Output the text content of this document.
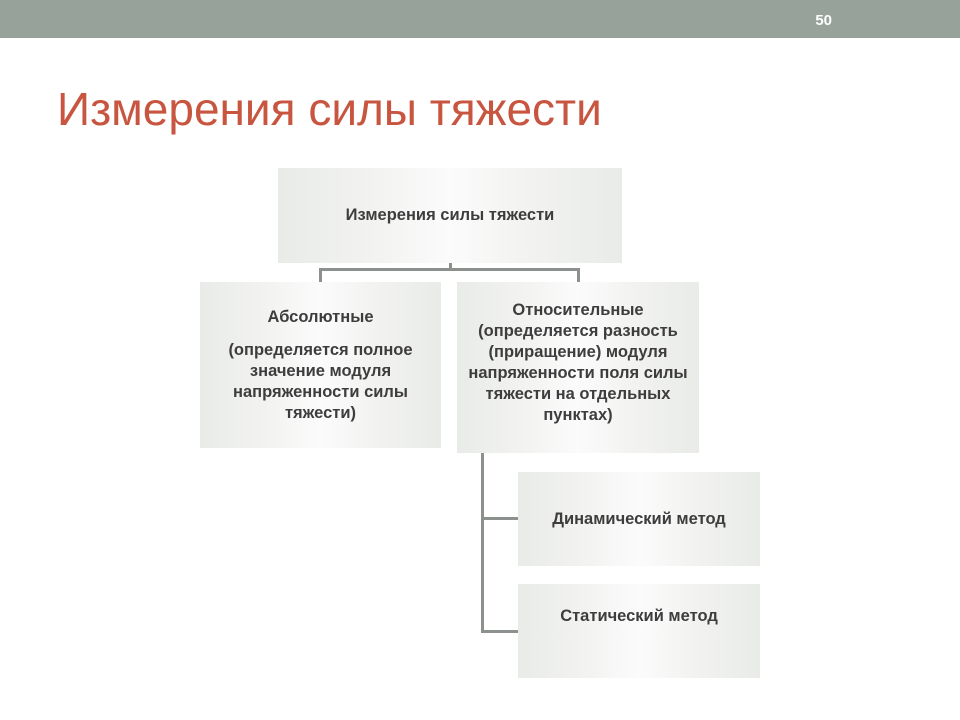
50
Измерения силы тяжести
Измерения силы тяжести
Абсолютные
(определяется полное значение модуля напряженности силы тяжести)
Относительные (определяется разность (приращение) модуля напряженности поля силы тяжести на отдельных пунктах)
Динамический метод
Статический метод
